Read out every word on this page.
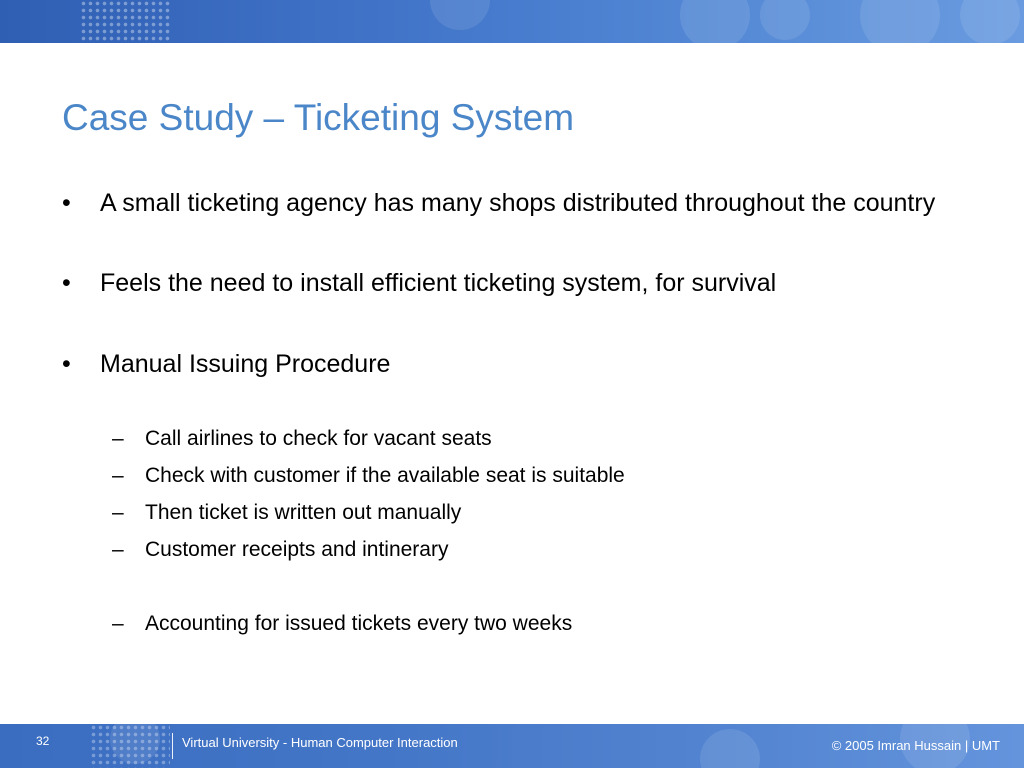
Case Study – Ticketing System
•	A small ticketing agency has many shops distributed throughout the country
•	Feels the need to install efficient ticketing system, for survival
•	Manual Issuing Procedure
–	Call airlines to check for vacant seats
–	Check with customer if the available seat is suitable
–	Then ticket is written out manually
–	Customer receipts and intinerary
–	Accounting for issued tickets every two weeks
32	Virtual University - Human Computer Interaction	© 2005 Imran Hussain | UMT
